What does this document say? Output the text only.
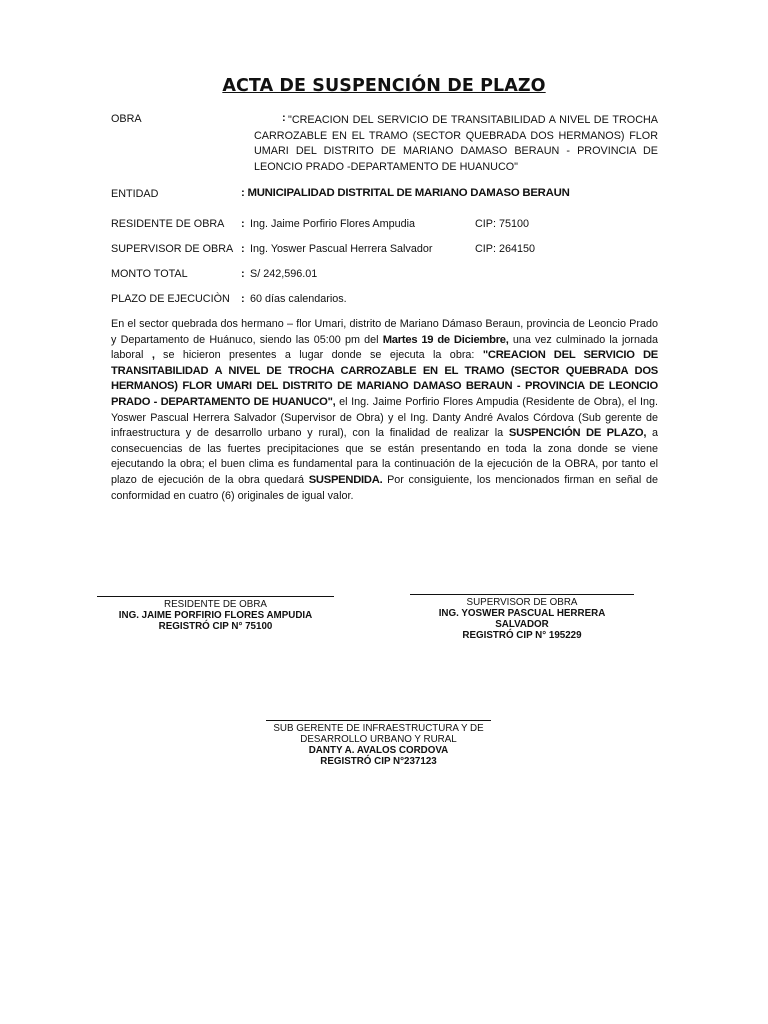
ACTA DE SUSPENCIÓN DE PLAZO
OBRA	: "CREACION DEL SERVICIO DE TRANSITABILIDAD A NIVEL DE TROCHA CARROZABLE EN EL TRAMO (SECTOR QUEBRADA DOS HERMANOS) FLOR UMARI DEL DISTRITO DE MARIANO DAMASO BERAUN - PROVINCIA DE LEONCIO PRADO -DEPARTAMENTO DE HUANUCO"
ENTIDAD	: MUNICIPALIDAD DISTRITAL DE MARIANO DAMASO BERAUN
RESIDENTE DE OBRA : Ing. Jaime Porfirio Flores Ampudia	CIP: 75100
SUPERVISOR DE OBRA : Ing. Yoswer Pascual Herrera Salvador	CIP: 264150
MONTO TOTAL	: S/ 242,596.01
PLAZO DE EJECUCIÒN : 60 días calendarios.
En el sector quebrada dos hermano – flor Umari, distrito de Mariano Dámaso Beraun, provincia de Leoncio Prado y Departamento de Huánuco, siendo las 05:00 pm del Martes 19 de Diciembre, una vez culminado la jornada laboral , se hicieron presentes a lugar donde se ejecuta la obra: "CREACION DEL SERVICIO DE TRANSITABILIDAD A NIVEL DE TROCHA CARROZABLE EN EL TRAMO (SECTOR QUEBRADA DOS HERMANOS) FLOR UMARI DEL DISTRITO DE MARIANO DAMASO BERAUN - PROVINCIA DE LEONCIO PRADO - DEPARTAMENTO DE HUANUCO", el Ing. Jaime Porfirio Flores Ampudia (Residente de Obra), el Ing. Yoswer Pascual Herrera Salvador (Supervisor de Obra) y el Ing. Danty André Avalos Córdova (Sub gerente de infraestructura y de desarrollo urbano y rural), con la finalidad de realizar la SUSPENCIÓN DE PLAZO, a consecuencias de las fuertes precipitaciones que se están presentando en toda la zona donde se viene ejecutando la obra; el buen clima es fundamental para la continuación de la ejecución de la OBRA, por tanto el plazo de ejecución de la obra quedará SUSPENDIDA. Por consiguiente, los mencionados firman en señal de conformidad en cuatro (6) originales de igual valor.
RESIDENTE DE OBRA
ING. JAIME PORFIRIO FLORES AMPUDIA
REGISTRÓ CIP N° 75100
SUPERVISOR DE OBRA
ING. YOSWER PASCUAL HERRERA SALVADOR
REGISTRÓ CIP N° 195229
SUB GERENTE DE INFRAESTRUCTURA Y DE DESARROLLO URBANO Y RURAL
DANTY A. AVALOS CORDOVA
REGISTRÓ CIP N°237123
